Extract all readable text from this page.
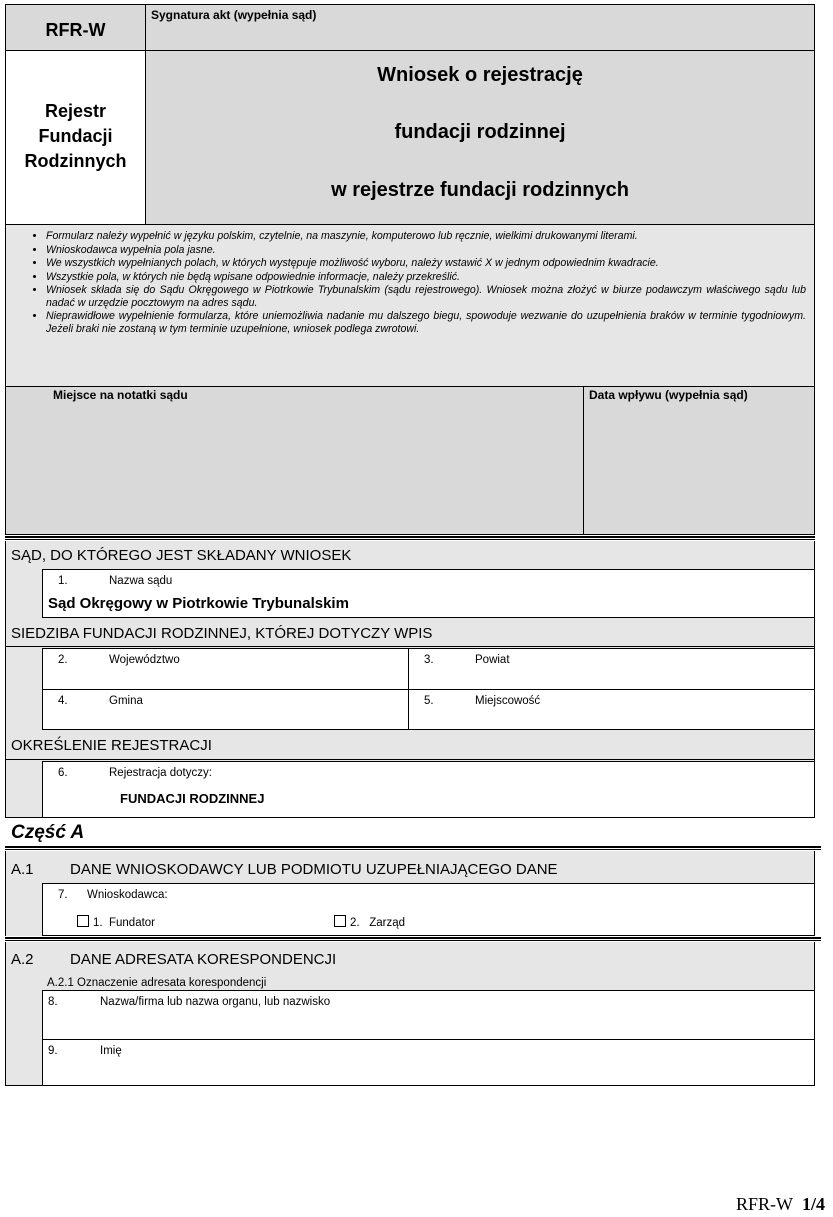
RFR-W
Sygnatura akt (wypełnia sąd)
Rejestr
Fundacji
Rodzinnych
Wniosek o rejestrację
fundacji rodzinnej
w rejestrze fundacji rodzinnych
• Formularz należy wypełnić w języku polskim, czytelnie, na maszynie, komputerowo lub ręcznie, wielkimi drukowanymi literami.
• Wnioskodawca wypełnia pola jasne.
• We wszystkich wypełnianych polach, w których występuje możliwość wyboru, należy wstawić X w jednym odpowiednim kwadracie.
• Wszystkie pola, w których nie będą wpisane odpowiednie informacje, należy przekreślić.
• Wniosek składa się do Sądu Okręgowego w Piotrkowie Trybunalskim (sądu rejestrowego). Wniosek można złożyć w biurze podawczym właściwego sądu lub nadać w urzędzie pocztowym na adres sądu.
• Nieprawidłowe wypełnienie formularza, które uniemożliwia nadanie mu dalszego biegu, spowoduje wezwanie do uzupełnienia braków w terminie tygodniowym. Jeżeli braki nie zostaną w tym terminie uzupełnione, wniosek podlega zwrotowi.
Miejsce na notatki sądu	Data wpływu (wypełnia sąd)
SĄD, DO KTÓREGO JEST SKŁADANY WNIOSEK
1.	Nazwa sądu
Sąd Okręgowy w Piotrkowie Trybunalskim
SIEDZIBA FUNDACJI RODZINNEJ, KTÓREJ DOTYCZY WPIS
2.	Województwo	3.	Powiat
4.	Gmina	5.	Miejscowość
OKREŚLENIE REJESTRACJI
6.	Rejestracja dotyczy:
FUNDACJI RODZINNEJ
Część A
A.1 DANE WNIOSKODAWCY LUB PODMIOTU UZUPEŁNIAJĄCEGO DANE
7. Wnioskodawca:
1. Fundator	2. Zarząd
A.2 DANE ADRESATA KORESPONDENCJI
A.2.1 Oznaczenie adresata korespondencji
8.	Nazwa/firma lub nazwa organu, lub nazwisko
9.	Imię
RFR-W 1/4
